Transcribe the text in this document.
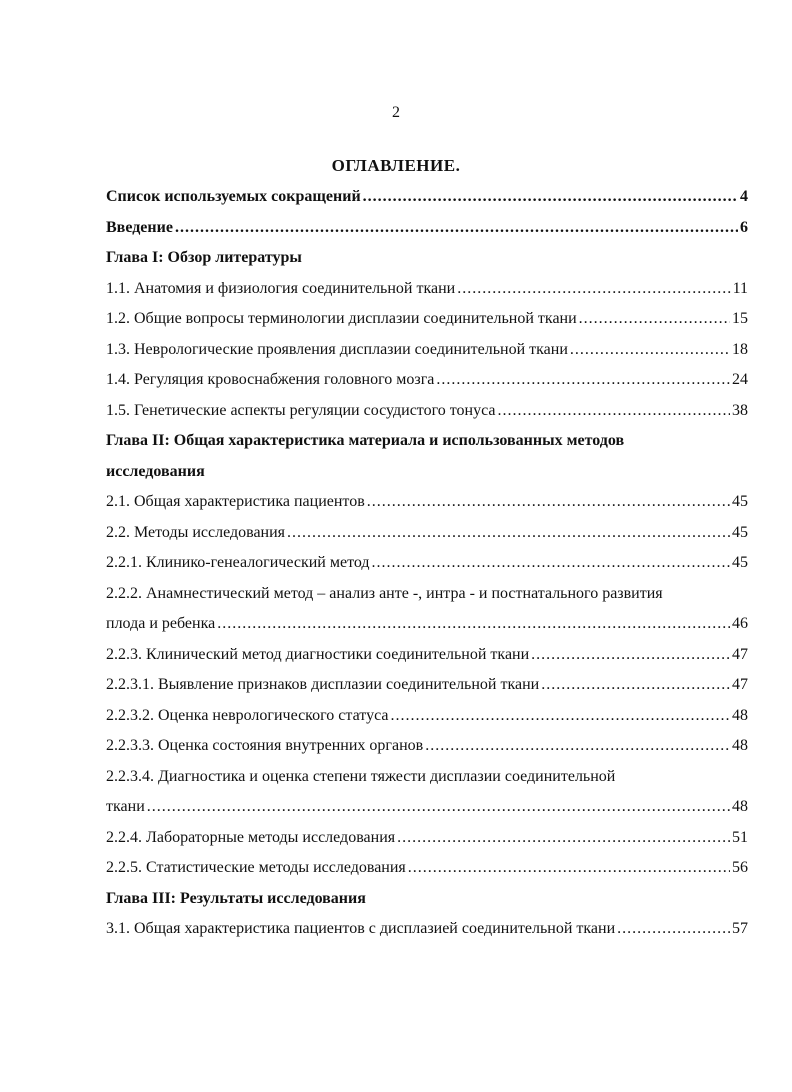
2
ОГЛАВЛЕНИЕ.
Список используемых сокращений .....	4
Введение .....	6
Глава I: Обзор литературы
1.1. Анатомия и физиология соединительной ткани .....	11
1.2. Общие вопросы терминологии дисплазии соединительной ткани .....	15
1.3. Неврологические проявления дисплазии соединительной ткани .....	18
1.4. Регуляция кровоснабжения головного мозга .....	24
1.5. Генетические аспекты регуляции сосудистого тонуса .....	38
Глава II: Общая характеристика материала и использованных методов
исследования
2.1. Общая характеристика пациентов .....	45
2.2. Методы исследования .....	45
2.2.1. Клинико-генеалогический метод .....	45
2.2.2. Анамнестический метод – анализ анте -, интра - и постнатального развития
плода и ребенка .....	46
2.2.3. Клинический метод диагностики соединительной ткани .....	47
2.2.3.1. Выявление признаков дисплазии соединительной ткани .....	47
2.2.3.2. Оценка неврологического статуса .....	48
2.2.3.3. Оценка состояния внутренних органов .....	48
2.2.3.4. Диагностика и оценка степени тяжести дисплазии соединительной
ткани .....	48
2.2.4. Лабораторные методы исследования .....	51
2.2.5. Статистические методы исследования .....	56
Глава III: Результаты исследования
3.1. Общая характеристика пациентов с дисплазией соединительной ткани .....	57
